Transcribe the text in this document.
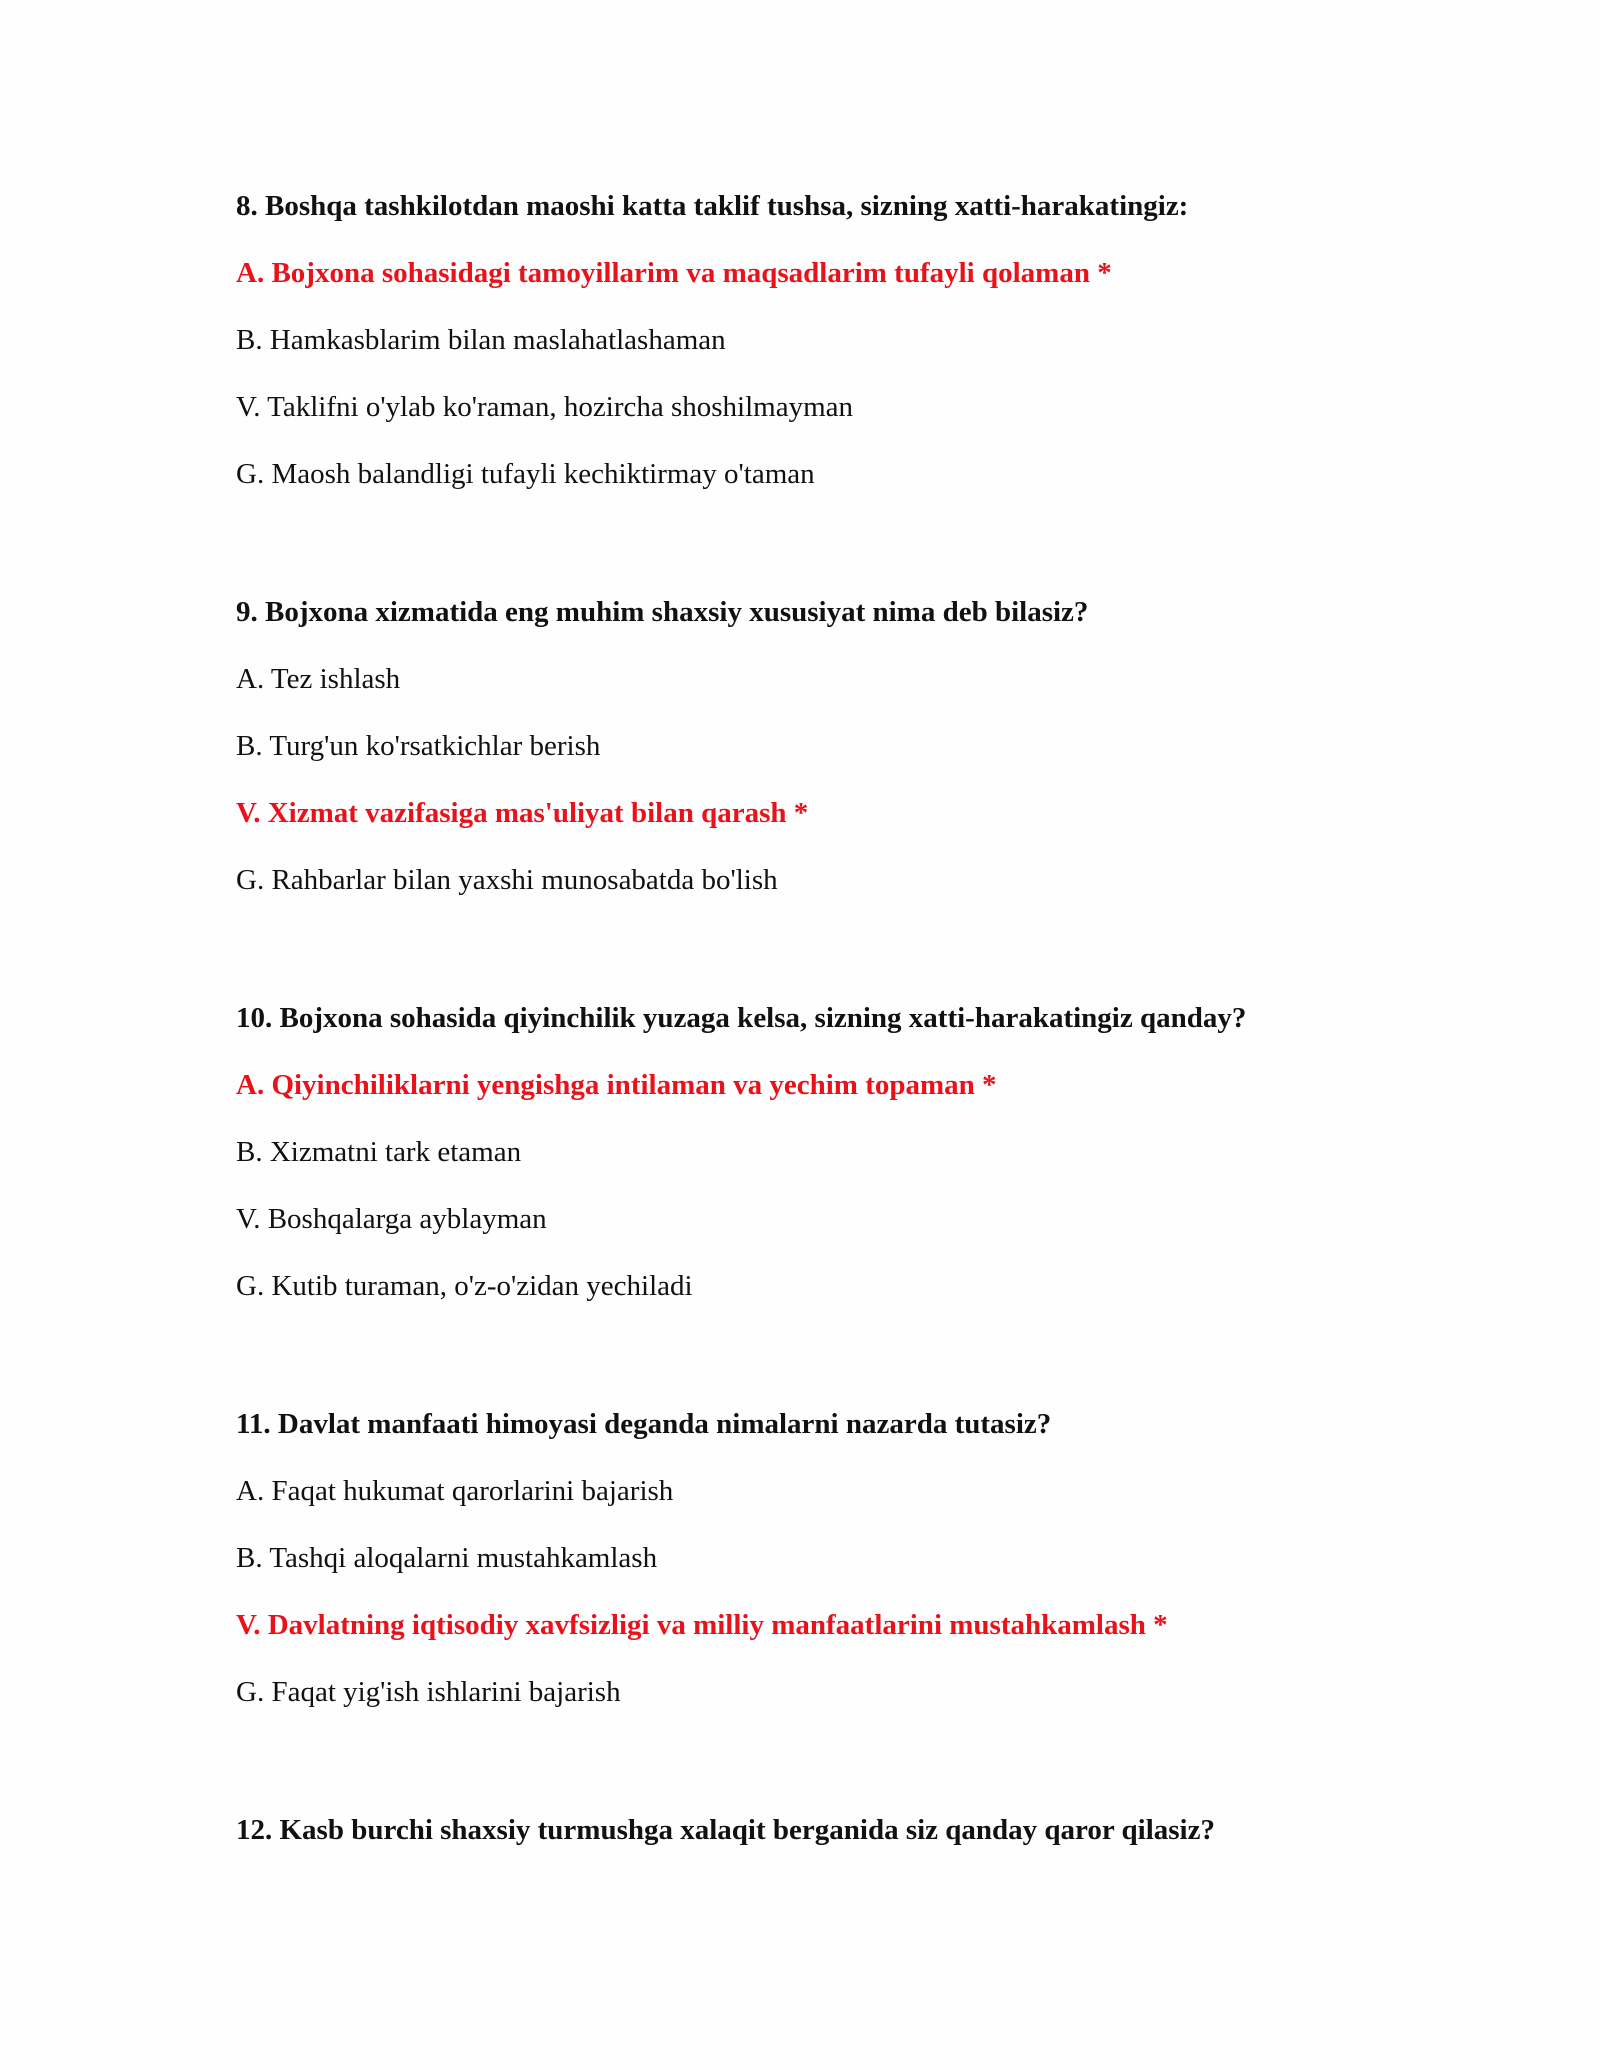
8. Boshqa tashkilotdan maoshi katta taklif tushsa, sizning xatti-harakatingiz:
A. Bojxona sohasidagi tamoyillarim va maqsadlarim tufayli qolaman *
B. Hamkasblarim bilan maslahatlashaman
V. Taklifni o'ylab ko'raman, hozircha shoshilmayman
G. Maosh balandligi tufayli kechiktirmay o'taman
9. Bojxona xizmatida eng muhim shaxsiy xususiyat nima deb bilasiz?
A. Tez ishlash
B. Turg'un ko'rsatkichlar berish
V. Xizmat vazifasiga mas'uliyat bilan qarash *
G. Rahbarlar bilan yaxshi munosabatda bo'lish
10. Bojxona sohasida qiyinchilik yuzaga kelsa, sizning xatti-harakatingiz qanday?
A. Qiyinchiliklarni yengishga intilaman va yechim topaman *
B. Xizmatni tark etaman
V. Boshqalarga ayblayman
G. Kutib turaman, o'z-o'zidan yechiladi
11. Davlat manfaati himoyasi deganda nimalarni nazarda tutasiz?
A. Faqat hukumat qarorlarini bajarish
B. Tashqi aloqalarni mustahkamlash
V. Davlatning iqtisodiy xavfsizligi va milliy manfaatlarini mustahkamlash *
G. Faqat yig'ish ishlarini bajarish
12. Kasb burchi shaxsiy turmushga xalaqit berganida siz qanday qaror qilasiz?
